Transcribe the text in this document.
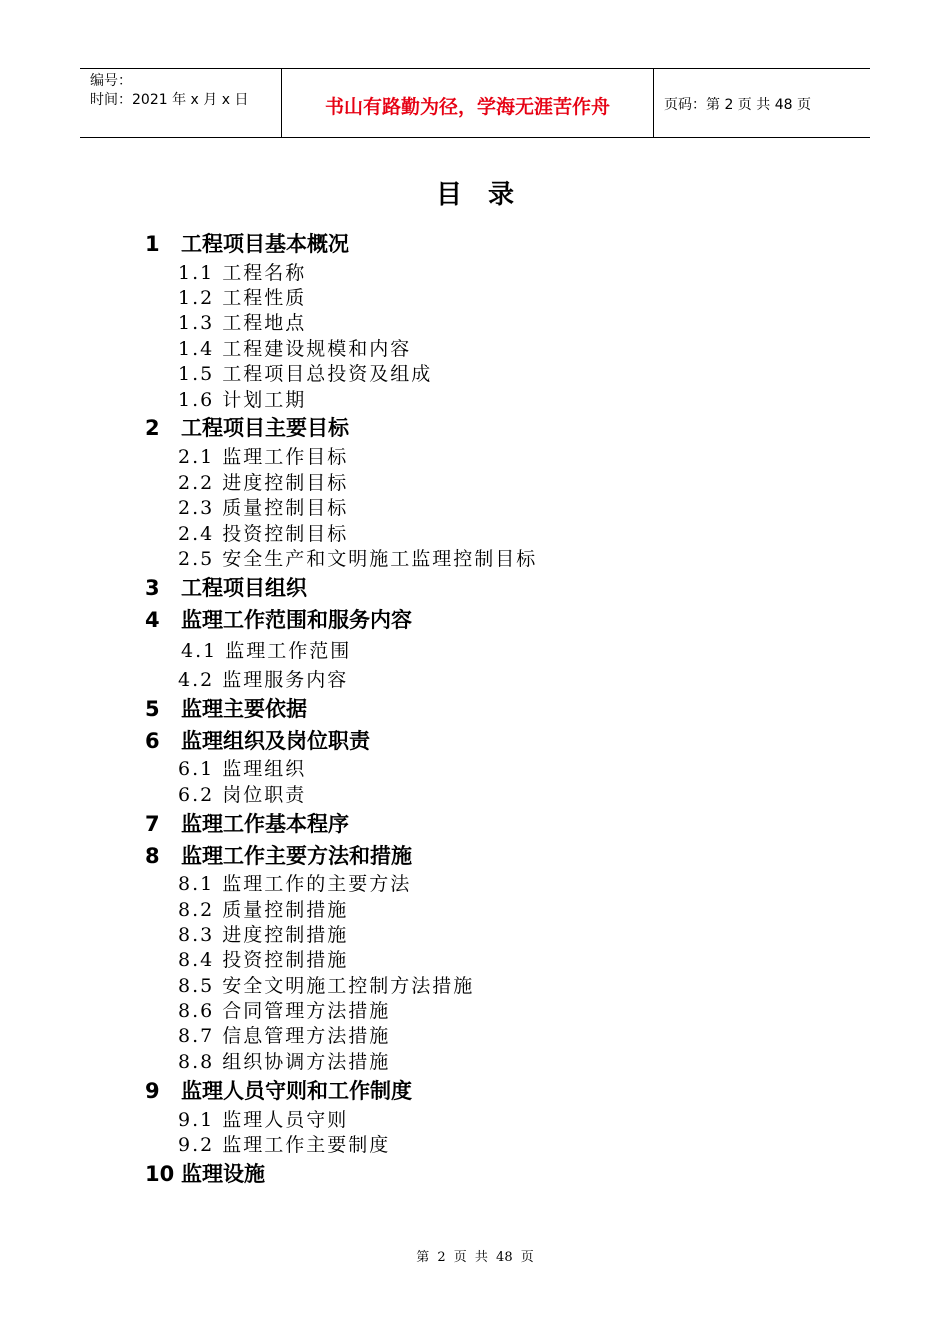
编号：
时间：2021 年 x 月 x 日	书山有路勤为径，学海无涯苦作舟	页码：第 2 页 共 48 页
目录
1 工程项目基本概况
1.1 工程名称
1.2 工程性质
1.3 工程地点
1.4 工程建设规模和内容
1.5 工程项目总投资及组成
1.6 计划工期
2 工程项目主要目标
2.1 监理工作目标
2.2 进度控制目标
2.3 质量控制目标
2.4 投资控制目标
2.5 安全生产和文明施工监理控制目标
3 工程项目组织
4 监理工作范围和服务内容
4.1 监理工作范围
4.2 监理服务内容
5 监理主要依据
6 监理组织及岗位职责
6.1 监理组织
6.2 岗位职责
7 监理工作基本程序
8 监理工作主要方法和措施
8.1 监理工作的主要方法
8.2 质量控制措施
8.3 进度控制措施
8.4 投资控制措施
8.5 安全文明施工控制方法措施
8.6 合同管理方法措施
8.7 信息管理方法措施
8.8 组织协调方法措施
9 监理人员守则和工作制度
9.1 监理人员守则
9.2 监理工作主要制度
10 监理设施
第 2 页 共 48 页
